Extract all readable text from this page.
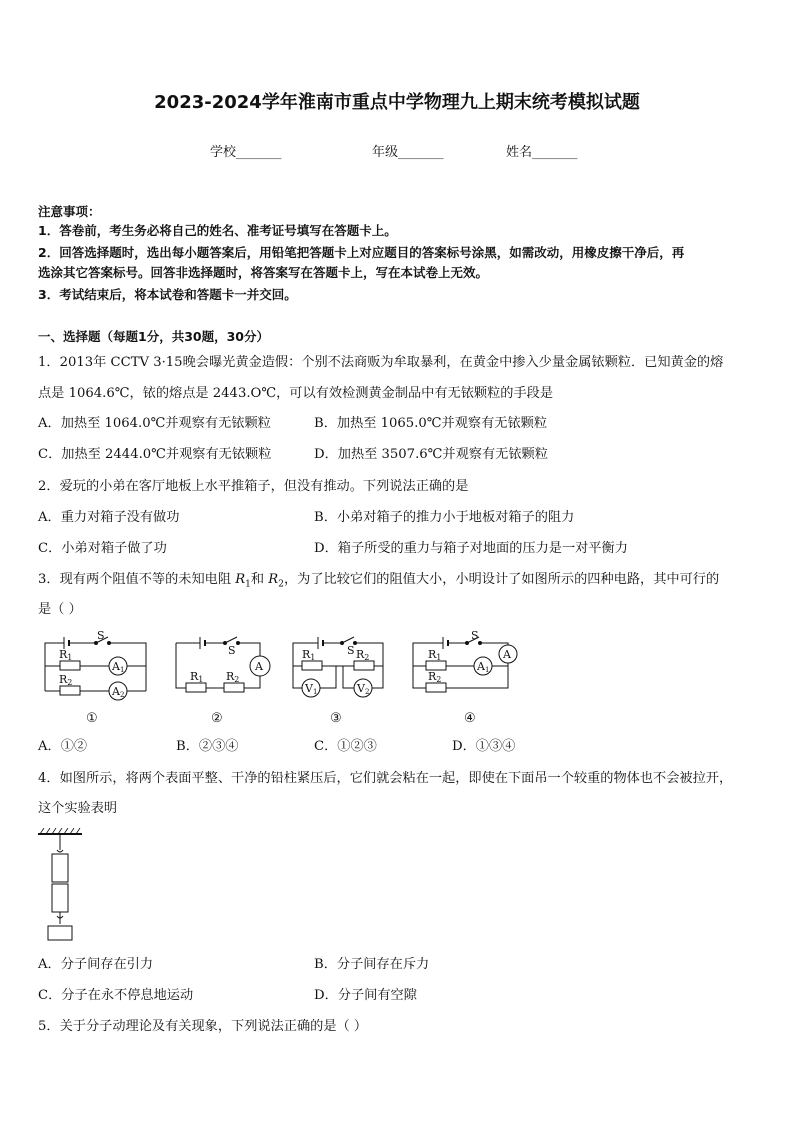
2023-2024学年淮南市重点中学物理九上期末统考模拟试题
学校_______	年级_______	姓名_______
注意事项：
1．答卷前，考生务必将自己的姓名、准考证号填写在答题卡上。
2．回答选择题时，选出每小题答案后，用铅笔把答题卡上对应题目的答案标号涂黑，如需改动，用橡皮擦干净后，再
选涂其它答案标号。回答非选择题时，将答案写在答题卡上，写在本试卷上无效。
3．考试结束后，将本试卷和答题卡一并交回。
一、选择题（每题1分，共30题，30分）
1．2013年 CCTV 3·15晚会曝光黄金造假：个别不法商贩为牟取暴利，在黄金中掺入少量金属铱颗粒．已知黄金的熔
点是 1064.6℃，铱的熔点是 2443.O℃，可以有效检测黄金制品中有无铱颗粒的手段是
A．加热至 1064.0℃并观察有无铱颗粒	B．加热至 1065.0℃并观察有无铱颗粒
C．加热至 2444.0℃并观察有无铱颗粒	D．加热至 3507.6℃并观察有无铱颗粒
2．爱玩的小弟在客厅地板上水平推箱子，但没有推动。下列说法正确的是
A．重力对箱子没有做功	B．小弟对箱子的推力小于地板对箱子的阻力
C．小弟对箱子做了功	D．箱子所受的重力与箱子对地面的压力是一对平衡力
3．现有两个阻值不等的未知电阻 $R_1$和 $R_2$，为了比较它们的阻值大小，小明设计了如图所示的四种电路，其中可行的
是（ ）
S
R1
R2
A1
A2
S
R1 R2
A
S
R1	R2
V1	V2
S
R1
R2
A1
A
①	②	③	④
A．①②	B．②③④	C．①②③	D．①③④
4．如图所示，将两个表面平整、干净的铅柱紧压后，它们就会粘在一起，即使在下面吊一个较重的物体也不会被拉开，
这个实验表明
A．分子间存在引力	B．分子间存在斥力
C．分子在永不停息地运动	D．分子间有空隙
5．关于分子动理论及有关现象，下列说法正确的是（ ）
